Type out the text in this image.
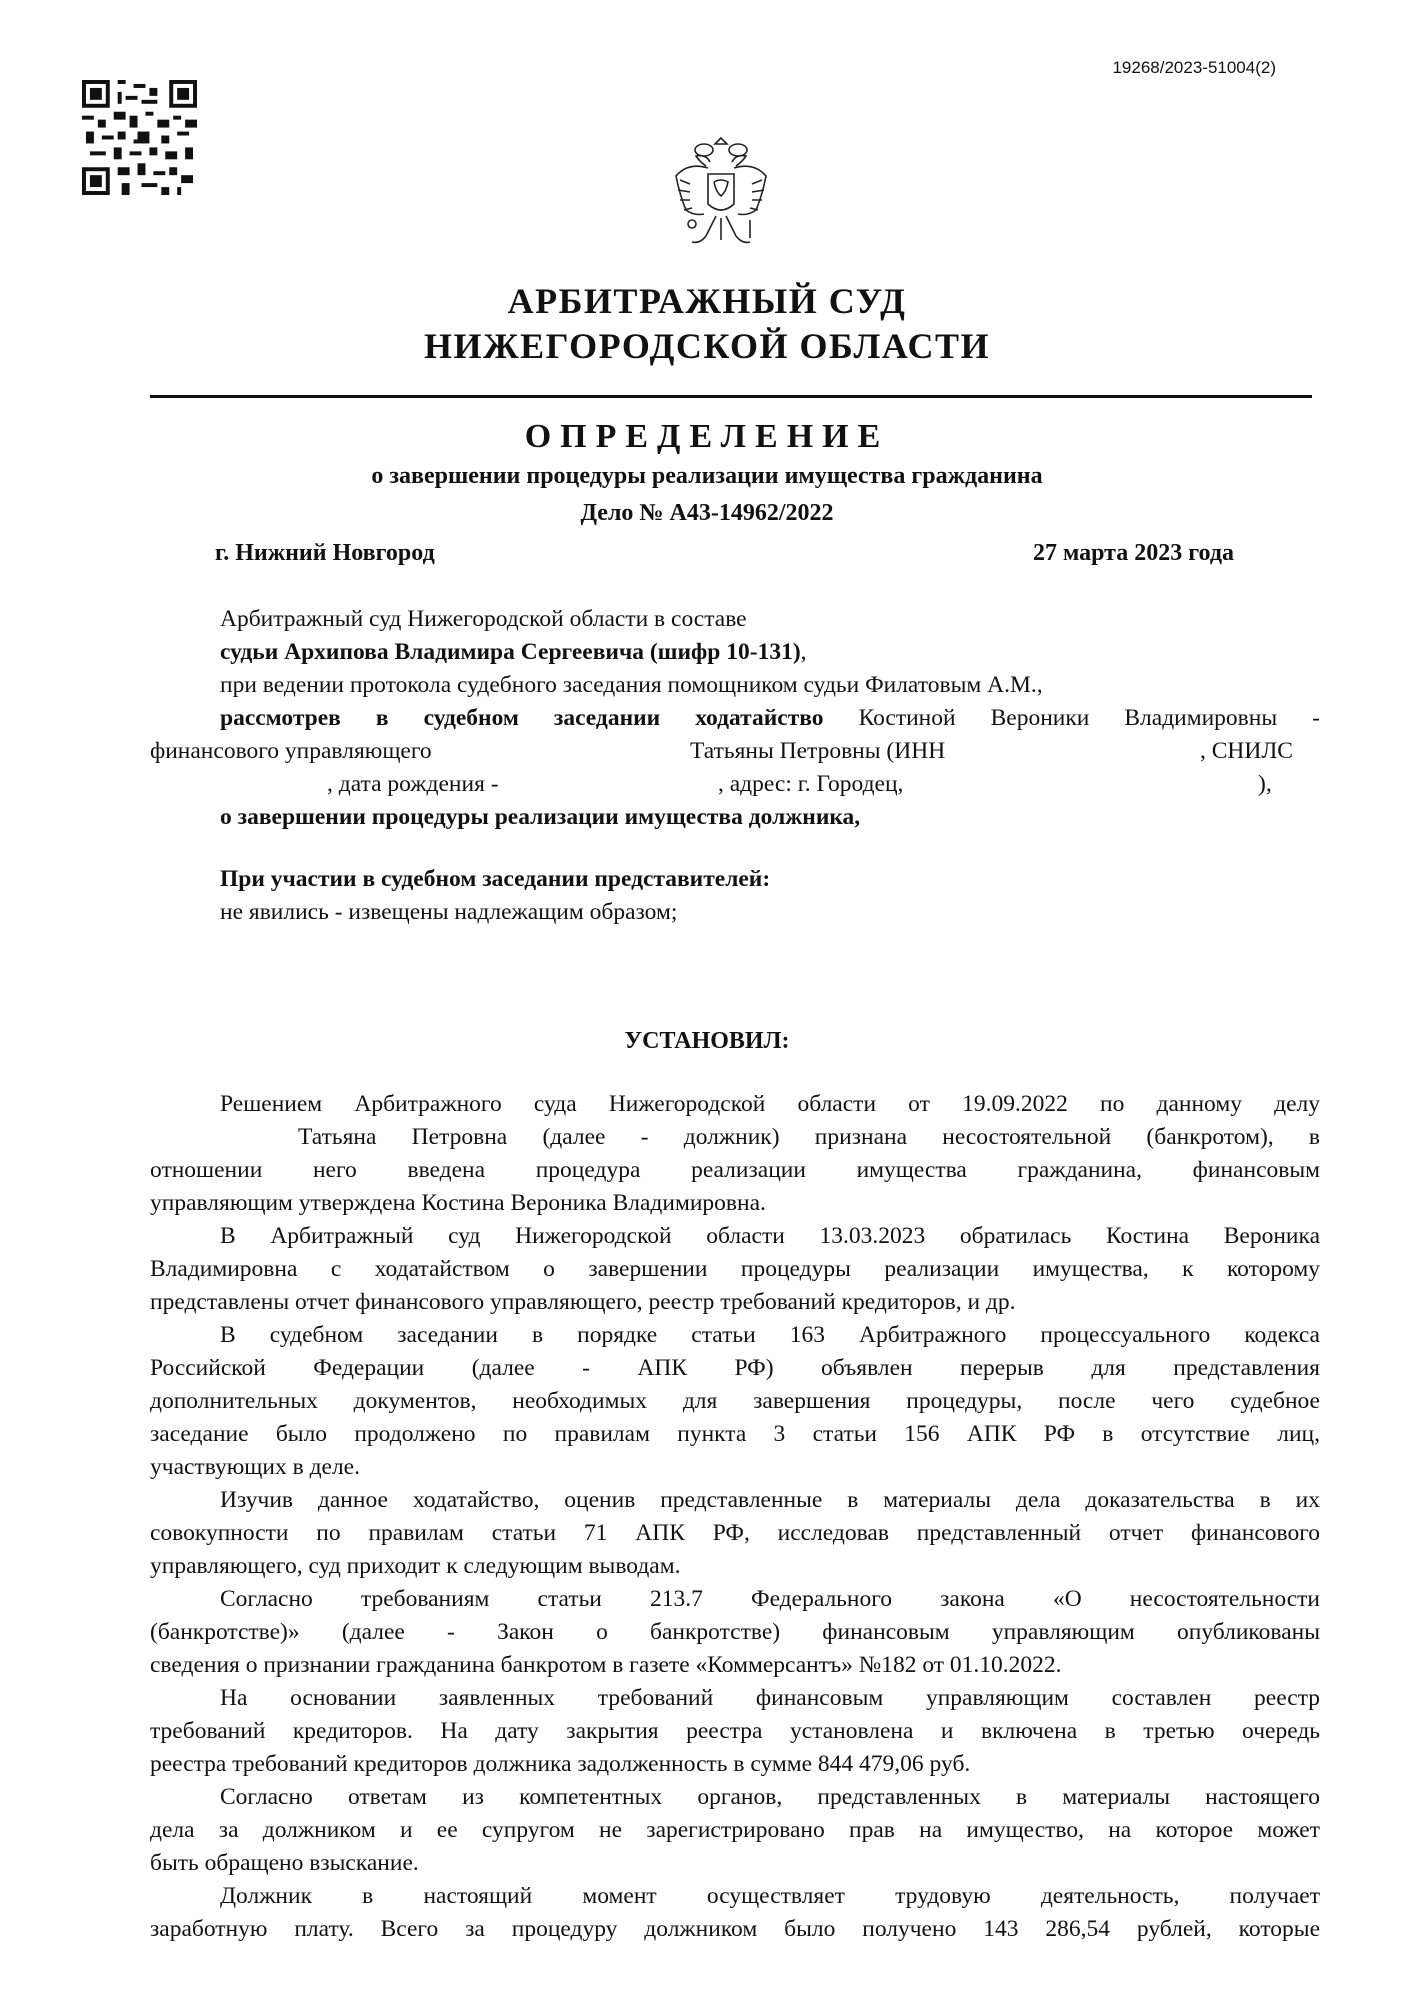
19268/2023-51004(2)
АРБИТРАЖНЫЙ СУД
НИЖЕГОРОДСКОЙ ОБЛАСТИ
ОПРЕДЕЛЕНИЕ
о завершении процедуры реализации имущества гражданина
Дело № А43-14962/2022
г. Нижний Новгород	27 марта 2023 года
Арбитражный суд Нижегородской области в составе
судьи Архипова Владимира Сергеевича (шифр 10-131),
при ведении протокола судебного заседания помощником судьи Филатовым А.М.,
рассмотрев в судебном заседании ходатайство Костиной Вероники Владимировны -
финансового управляющего	Татьяны Петровны (ИНН	, СНИЛС
, дата рождения -	, адрес: г. Городец,	),
о завершении процедуры реализации имущества должника,
При участии в судебном заседании представителей:
не явились - извещены надлежащим образом;
УСТАНОВИЛ:
Решением Арбитражного суда Нижегородской области от 19.09.2022 по данному делу
Татьяна Петровна (далее - должник) признана несостоятельной (банкротом), в
отношении него введена процедура реализации имущества гражданина, финансовым
управляющим утверждена Костина Вероника Владимировна.
В Арбитражный суд Нижегородской области 13.03.2023 обратилась Костина Вероника
Владимировна с ходатайством о завершении процедуры реализации имущества, к которому
представлены отчет финансового управляющего, реестр требований кредиторов, и др.
В судебном заседании в порядке статьи 163 Арбитражного процессуального кодекса
Российской Федерации (далее - АПК РФ) объявлен перерыв для представления
дополнительных документов, необходимых для завершения процедуры, после чего судебное
заседание было продолжено по правилам пункта 3 статьи 156 АПК РФ в отсутствие лиц,
участвующих в деле.
Изучив данное ходатайство, оценив представленные в материалы дела доказательства в их
совокупности по правилам статьи 71 АПК РФ, исследовав представленный отчет финансового
управляющего, суд приходит к следующим выводам.
Согласно требованиям статьи 213.7 Федерального закона «О несостоятельности
(банкротстве)» (далее - Закон о банкротстве) финансовым управляющим опубликованы
сведения о признании гражданина банкротом в газете «Коммерсантъ» №182 от 01.10.2022.
На основании заявленных требований финансовым управляющим составлен реестр
требований кредиторов. На дату закрытия реестра установлена и включена в третью очередь
реестра требований кредиторов должника задолженность в сумме 844 479,06 руб.
Согласно ответам из компетентных органов, представленных в материалы настоящего
дела за должником и ее супругом не зарегистрировано прав на имущество, на которое может
быть обращено взыскание.
Должник в настоящий момент осуществляет трудовую деятельность, получает
заработную плату. Всего за процедуру должником было получено 143 286,54 рублей, которые
